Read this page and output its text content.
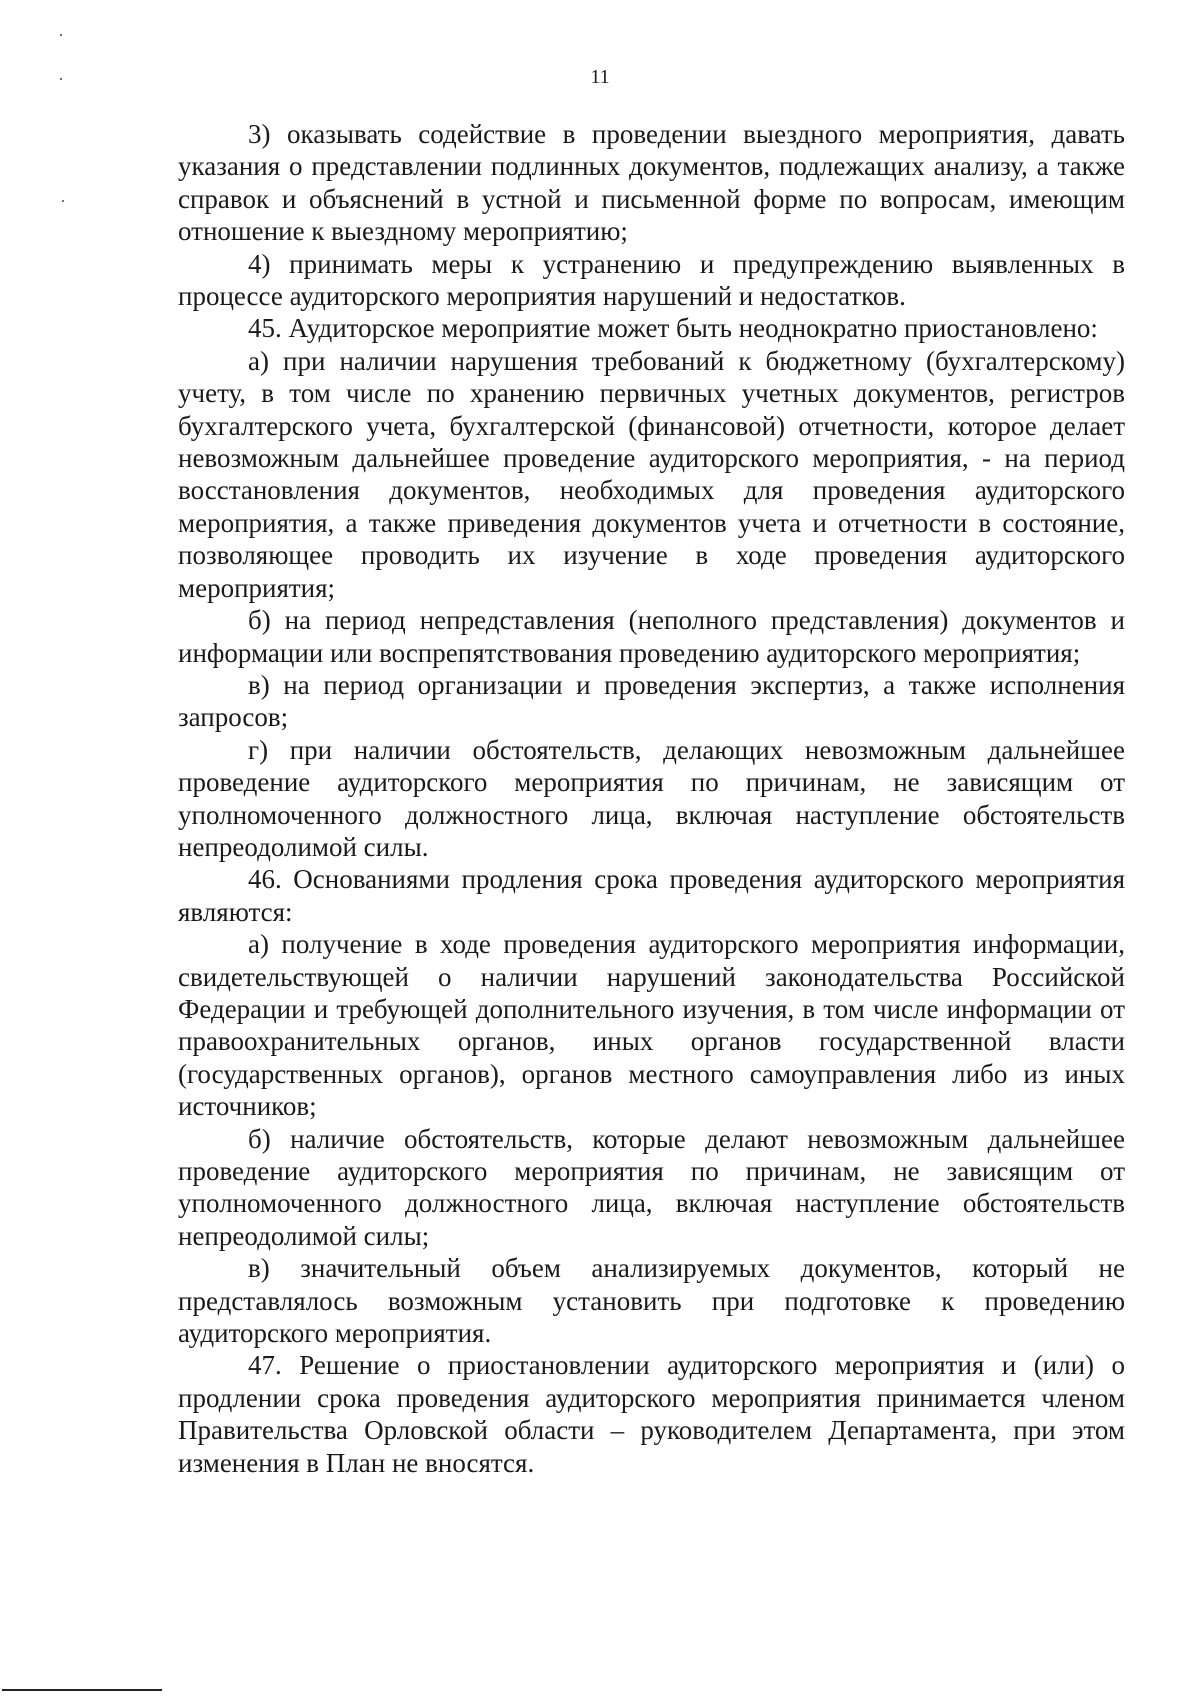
11

3) оказывать содействие в проведении выездного мероприятия, давать указания о представлении подлинных документов, подлежащих анализу, а также справок и объяснений в устной и письменной форме по вопросам, имеющим отношение к выездному мероприятию;

4) принимать меры к устранению и предупреждению выявленных в процессе аудиторского мероприятия нарушений и недостатков.

45. Аудиторское мероприятие может быть неоднократно приостановлено:

а) при наличии нарушения требований к бюджетному (бухгалтерскому) учету, в том числе по хранению первичных учетных документов, регистров бухгалтерского учета, бухгалтерской (финансовой) отчетности, которое делает невозможным дальнейшее проведение аудиторского мероприятия, - на период восстановления документов, необходимых для проведения аудиторского мероприятия, а также приведения документов учета и отчетности в состояние, позволяющее проводить их изучение в ходе проведения аудиторского мероприятия;

б) на период непредставления (неполного представления) документов и информации или воспрепятствования проведению аудиторского мероприятия;

в) на период организации и проведения экспертиз, а также исполнения запросов;

г) при наличии обстоятельств, делающих невозможным дальнейшее проведение аудиторского мероприятия по причинам, не зависящим от уполномоченного должностного лица, включая наступление обстоятельств непреодолимой силы.

46. Основаниями продления срока проведения аудиторского мероприятия являются:

а) получение в ходе проведения аудиторского мероприятия информации, свидетельствующей о наличии нарушений законодательства Российской Федерации и требующей дополнительного изучения, в том числе информации от правоохранительных органов, иных органов государственной власти (государственных органов), органов местного самоуправления либо из иных источников;

б) наличие обстоятельств, которые делают невозможным дальнейшее проведение аудиторского мероприятия по причинам, не зависящим от уполномоченного должностного лица, включая наступление обстоятельств непреодолимой силы;

в) значительный объем анализируемых документов, который не представлялось возможным установить при подготовке к проведению аудиторского мероприятия.

47. Решение о приостановлении аудиторского мероприятия и (или) о продлении срока проведения аудиторского мероприятия принимается членом Правительства Орловской области – руководителем Департамента, при этом изменения в План не вносятся.
